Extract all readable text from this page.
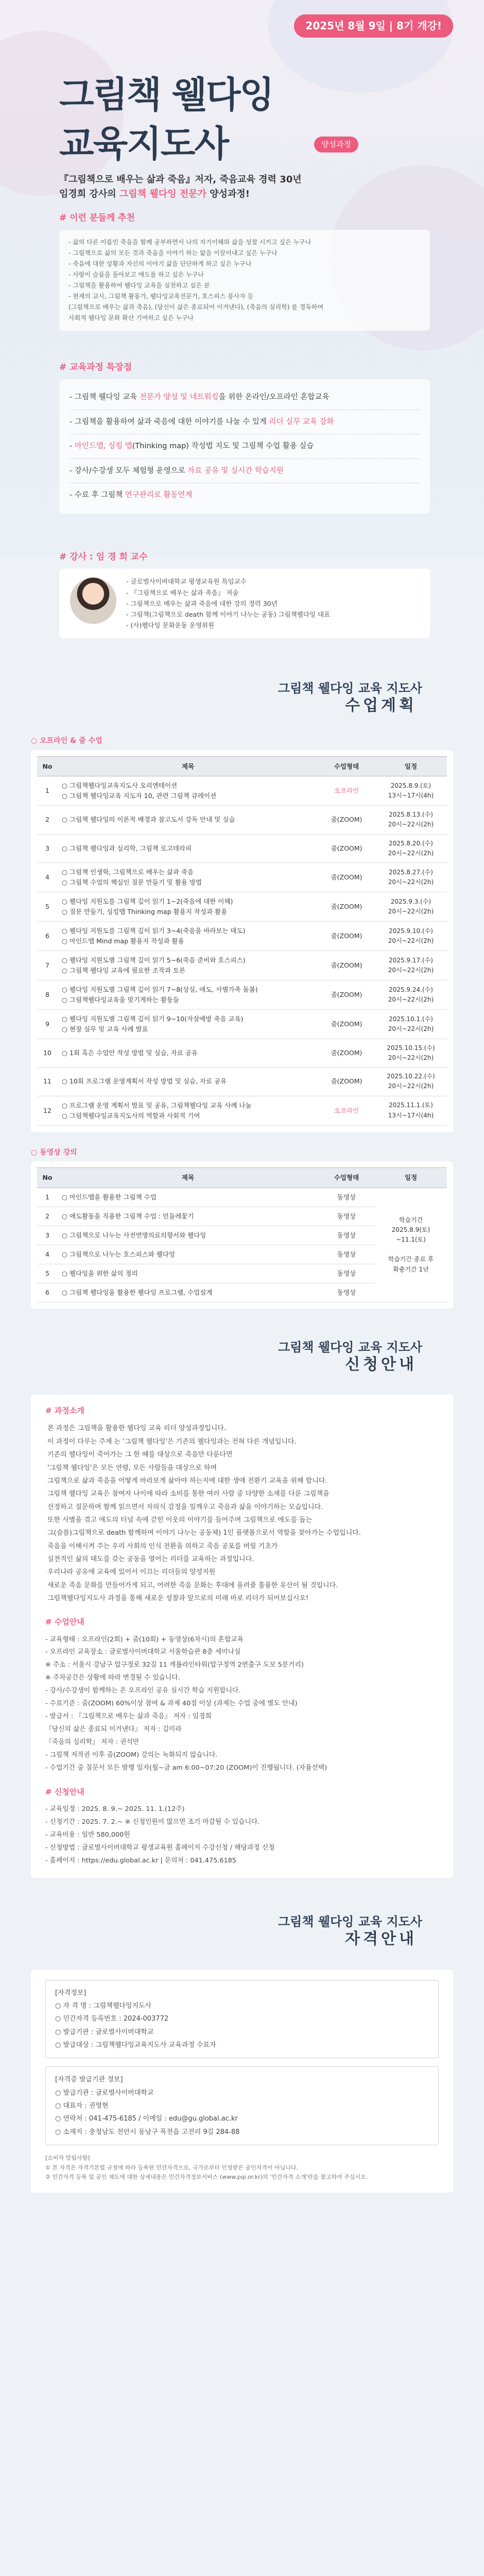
2025년 8월 9일 | 8기 개강!
그림책 웰다잉
교육지도사	양성과정
『그림책으로 배우는 삶과 죽음』저자, 죽음교육 경력 30년
임경희 강사의 그림책 웰다잉 전문가 양성과정!
# 이런 분들께 추천
- 삶의 다른 이름인 죽음을 함께 공부하면서 나의 자기이해와 삶을 성찰 시키고 싶은 누구나
- 그림책으로 삶의 모든 것과 죽음을 이야기 하는 앎을 이끌어내고 싶은 누구나
- 죽음에 대한 상황과 자신의 이야기 삶을 단단하게 하고 싶은 누구나
- 사랑이 슬픔을 돌아보고 애도를 하고 싶은 누구나
- 그림책을 활용하여 웰다잉 교육을 실천하고 싶은 분
- 현재의 교사, 그림책 활동가, 웰다잉교육전문가, 호스피스 봉사자 등
(그림책으로 배우는 삶과 죽음), (당신이 삶은 종료되어 이겨낸다), (죽음의 실리학) 를 경독하여
사회적 웰다잉 문화 확산 기여하고 싶은 누구나
# 교육과정 특장점
- 그림책 웰다잉 교육 전문가 양성 및 네트워킹을 위한 온라인/오프라인 혼합교육
- 그림책을 활용하여 삶과 죽음에 대한 이야기를 나눌 수 있게 리더 실무 교육 강화
- 마인드맵, 싱킹 맵(Thinking map) 작성법 지도 및 그림책 수업 활용 실습
- 강사/수강생 모두 체험형 운영으로 자료 공유 및 실시간 학습지원
- 수료 후 그림책 연구관리로 활동연계
# 강사 : 임 경 희 교수
- 글로벌사이버대학교 평생교육원 특임교수
- 『그림책으로 배우는 삶과 죽음』 저술
- 그림책으로 배우는 삶과 죽음에 대한 강의 경력 30년
- 그림책(그림책으로 death 함께 이야기 나누는 공동) 그림책웰다잉 대표
- (사)웰다잉 문화운동 운영위원
그림책 웰다잉 교육 지도사
수업계획
○ 오프라인 & 줌 수업
No	제목	수업형태	일정
1	○ 그림책웰다잉교육지도사 오리엔테이션
○ 그림책 웰다잉교육 지도자 10, 관련 그림책 큐레이션	오프라인	2025.8.9.(토)
13시~17시(4h)
2	○ 그림책 웰다잉의 이론적 배경과 참고도서 강독 안내 및 실습	줌(ZOOM)	2025.8.13.(수)
20시~22시(2h)
3	○ 그림책 웰다잉과 심리학, 그림책 로고테라피	줌(ZOOM)	2025.8.20.(수)
20시~22시(2h)
4	○ 그림책 인생학, 그림책으로 배우는 삶과 죽음
○ 그림책 수업의 핵심인 질문 만들기 및 활용 방법	줌(ZOOM)	2025.8.27.(수)
20시~22시(2h)
5	○ 웰다잉 지원도를 그림책 깊이 읽기 1~2(죽음에 대한 이해)
○ 질문 만들기, 싱킹맵 Thinking map 활용지 작성과 활용	줌(ZOOM)	2025.9.3.(수)
20시~22시(2h)
6	○ 웰다잉 지원도를 그림책 깊이 읽기 3~4(죽음을 바라보는 태도)
○ 마인드맵 Mind map 활용지 작성과 활용	줌(ZOOM)	2025.9.10.(수)
20시~22시(2h)
7	○ 웰다잉 지원도별 그림책 깊이 읽기 5~6(죽음 준비와 호스피스)
○ 그림책 웰다잉 교육에 필요한 조작과 토론	줌(ZOOM)	2025.9.17.(수)
20시~22시(2h)
8	○ 웰다잉 지원도별 그림책 깊이 읽기 7~8(상실, 애도, 사별가족 돌봄)
○ 그림책웰다잉교육을 맞기게하는 활동들	줌(ZOOM)	2025.9.24.(수)
20시~22시(2h)
9	○ 웰다잉 지원도별 그림책 깊이 읽기 9~10(자살예방 죽음 교육)
○ 현장 실무 및 교육 사례 발표	줌(ZOOM)	2025.10.1.(수)
20시~22시(2h)
10	○ 1회 혹은 수업안 작성 방법 및 실습, 자료 공유	줌(ZOOM)	2025.10.15.(수)
20시~22시(2h)
11	○ 10회 프로그램 운영계획서 작성 방법 및 실습, 자료 공유	줌(ZOOM)	2025.10.22.(수)
20시~22시(2h)
12	○ 프로그램 운영 계획서 발표 및 공유, 그림책웰다잉 교육 사례 나눔
○ 그림책웰다잉교육지도사의 역할과 사회적 기여	오프라인	2025.11.1.(토)
13시~17시(4h)
○ 동영상 강의
No	제목	수업형태	일정
1	○ 마인드맵을 활용한 그림책 수업	동영상	학습기간
2025.8.9(토)
~11.1(토)

학습기간 종료 후
확충기간 1년
2	○ 애도활동을 직용한 그림책 수업 : 민들레꽃기	동영상	
3	○ 그림책으로 나누는 사전연명의료의향서와 웰다잉	동영상	
4	○ 그림책으로 나누는 호스피스와 웰다잉	동영상	
5	○ 웰다잉을 위한 삶의 정리	동영상	
6	○ 그림책 웰다잉을 활용한 웰다잉 프로그램, 수업설계	동영상	
그림책 웰다잉 교육 지도사
신청안내
# 과정소개

본 과정은 그림책을 활용한 웰다잉 교육 리더 양성과정입니다.

이 과정이 다루는 주제 는 '그림책 웰다잉'은 기존의 웰다잉과는 전혀 다른 개념입니다.

기존의 웰다잉이 죽어가는 그 한 때를 대상으로 죽음만 다룬다면

'그림책 웰다잉'은 모든 연령, 모든 사람들을 대상으로 하며

그림책으로 삶과 죽음을 어떻게 바라보게 삶아야 하는지에 대한 생애 전환기 교육을 위해 합니다.

그림책 웰다잉 교육은 참여자 나이에 따라 소비를 통한 여러 사람 중 다양한 소재를 다룬 그림책을

선정하고 질문하며 함께 읽으면서 자의식 감정을 일깨우고 죽음과 삶을 이야기하는 모습입니다.

또한 사별을 겪고 애도의 터널 속에 갇힌 이웃의 이야기를 들어주며 그림책으로 애도를 돕는

그(슬픔)그림책으로 death 함께하며 이야기 나누는 공동체) 1인 플랫폼으로서 역할을 찾아가는 수업입니다.

죽음을 이해시켜 주는 우리 사회의 인식 전환을 의하고 죽음 공포를 버릴 기초가

실천적인 삶의 태도를 갖는 공동을 열어는 리더를 교육하는 과정입니다.

우리나라 공유에 교육에 있어서 이끄는 리더들의 양성지원

새로운 죽음 문화를 만들어가게 되고, 어려한 죽음 문화는 후대에 올려줄 훌륭한 유산이 될 것입니다.

그림책웰다잉지도사 과정을 통해 새로운 성찰과 앞으로의 미래 바로 리더가 되어보십시오!

# 수업안내
- 교육형태 : 오프라인(2회) + 줌(10회) + 동영상(6차시)의 혼합교육
- 오프라인 교육장소 : 글로벌사이버대학교 서울학습관 8층 세미나실
※ 주소 : 서울시 강남구 압구정로 32길 11 캐롤라인타워(압구정역 2번출구 도보 5분거리)
※ 주차공간은 상황에 따라 변경될 수 있습니다.
- 강사/수강생이 함께하는 온 오프라인 공유 실시간 학습 지원합니다.
- 수료기준 : 줌(ZOOM) 60%이상 참여 & 과제 40점 이상 (과제는 수업 중에 별도 안내)
- 발급서 : 『그림책으로 배우는 삶과 죽음』 저자 : 임경희
『당신의 삶은 종료되 이겨낸다』 저자 : 김미라
『죽음의 심리학』 저자 : 권석만
- 그림책 저작권 이후 줌(ZOOM) 강의는 녹화되지 않습니다.
- 수업기간 중 질문서 모든 발행 일자(월~금 am 6:00~07:20 (ZOOM)이 진행됩니다. (자율선택)
# 신청안내
- 교육일정 : 2025. 8. 9.~ 2025. 11. 1.(12주)
- 신청기간 : 2025. 7. 2.~ ※ 신청인원이 많으면 조기 마감될 수 있습니다.
- 교육비용 : 일반 580,000원
- 신청방법 : 글로벌사이버대학교 평생교육원 홈페이지 수강신청 / 해당과정 신청
- 홈페이지 : https://edu.global.ac.kr | 문의처 : 041.475.6185
그림책 웰다잉 교육 지도사
자격안내
[자격정보]
○ 자 격 명 : 그림책웰다잉지도사
○ 민간자격 등록번호 : 2024-003772
○ 발급기관 : 글로벌사이버대학교
○ 발급대상 : 그림책웰다잉교육지도사 교육과정 수료자
[자격증 발급기관 정보]
○ 발급기관 : 글로벌사이버대학교
○ 대표자 : 권영현
○ 연락처 : 041-475-6185 / 이메일 : edu@gu.global.ac.kr
○ 소재지 : 충청남도 천안시 동남구 목천읍 고전리 9길 284-88
[소비자 알림사항]
① 본 자격은 자격기본법 규정에 따라 등록한 민간자격으로, 국가로부터 인정받은 공인자격이 아닙니다.
② 민간자격 등록 및 공인 제도에 대한 상세내용은 민간자격정보서비스 (www.pqi.or.kr)의 '민간자격 소개'란을 참고하여 주십시오.
